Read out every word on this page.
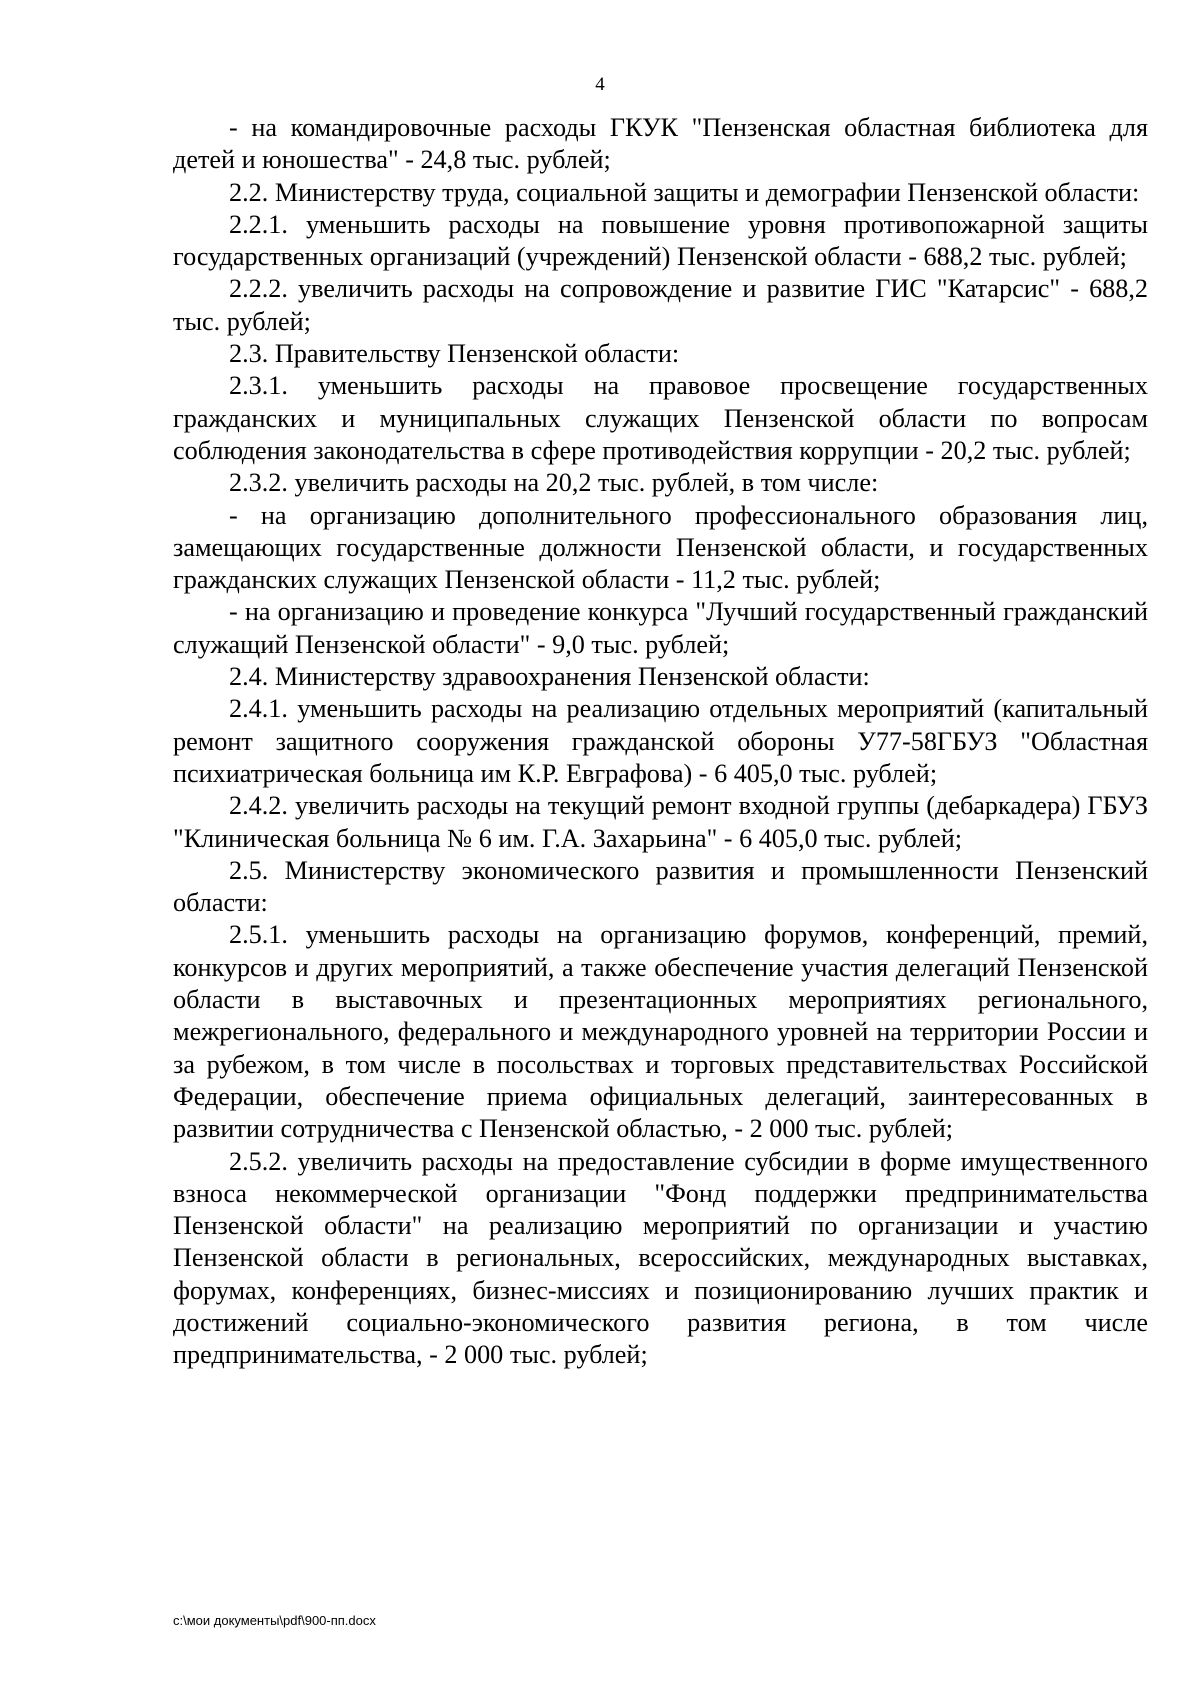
4

- на командировочные расходы ГКУК "Пензенская областная библиотека для детей и юношества" - 24,8 тыс. рублей;

2.2. Министерству труда, социальной защиты и демографии Пензенской области:

2.2.1. уменьшить расходы на повышение уровня противопожарной защиты государственных организаций (учреждений) Пензенской области - 688,2 тыс. рублей;

2.2.2. увеличить расходы на сопровождение и развитие ГИС "Катарсис" - 688,2 тыс. рублей;

2.3. Правительству Пензенской области:

2.3.1. уменьшить расходы на правовое просвещение государственных гражданских и муниципальных служащих Пензенской области по вопросам соблюдения законодательства в сфере противодействия коррупции - 20,2 тыс. рублей;

2.3.2. увеличить расходы на 20,2 тыс. рублей, в том числе:

- на организацию дополнительного профессионального образования лиц, замещающих государственные должности Пензенской области, и государственных гражданских служащих Пензенской области - 11,2 тыс. рублей;

- на организацию и проведение конкурса "Лучший государственный гражданский служащий Пензенской области" - 9,0 тыс. рублей;

2.4. Министерству здравоохранения Пензенской области:

2.4.1. уменьшить расходы на реализацию отдельных мероприятий (капитальный ремонт защитного сооружения гражданской обороны У77-58ГБУЗ "Областная психиатрическая больница им К.Р. Евграфова) - 6 405,0 тыс. рублей;

2.4.2. увеличить расходы на текущий ремонт входной группы (дебаркадера) ГБУЗ "Клиническая больница № 6 им. Г.А. Захарьина" - 6 405,0 тыс. рублей;

2.5. Министерству экономического развития и промышленности Пензенский области:

2.5.1. уменьшить расходы на организацию форумов, конференций, премий, конкурсов и других мероприятий, а также обеспечение участия делегаций Пензенской области в выставочных и презентационных мероприятиях регионального, межрегионального, федерального и международного уровней на территории России и за рубежом, в том числе в посольствах и торговых представительствах Российской Федерации, обеспечение приема официальных делегаций, заинтересованных в развитии сотрудничества с Пензенской областью, - 2 000 тыс. рублей;

2.5.2. увеличить расходы на предоставление субсидии в форме имущественного взноса некоммерческой организации "Фонд поддержки предпринимательства Пензенской области" на реализацию мероприятий по организации и участию Пензенской области в региональных, всероссийских, международных выставках, форумах, конференциях, бизнес-миссиях и позиционированию лучших практик и достижений социально-экономического развития региона, в том числе предпринимательства, - 2 000 тыс. рублей;

c:\мои документы\pdf\900-пп.docx
